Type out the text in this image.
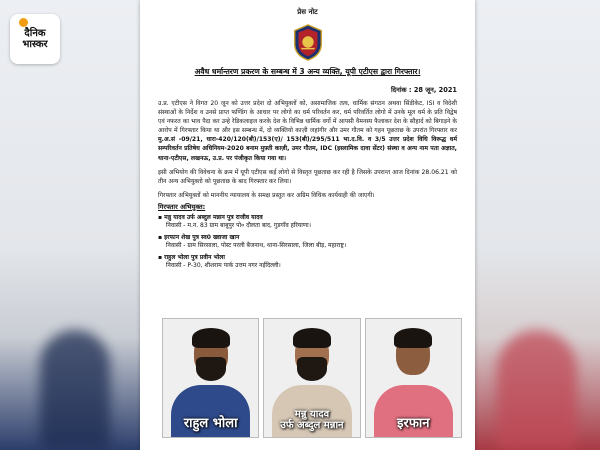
दैनिक
भास्कर
प्रेस नोट
अवैध धर्मान्तरण प्रकरण के सम्बन्ध में 3 अन्य व्यक्ति, यूपी एटीएस द्वारा गिरफ्तार।
दिनांक : 28 जून, 2021
उ.प्र. एटीएस ने विगत 20 जून को उत्तर प्रदेश दो अभियुक्तों को, असामाजिक तत्व, धार्मिक संगठन अथवा सिंडीकेट, ISI व विदेशी संस्थाओं के निर्देश व उनसे प्राप्त फण्डिंग के आधार पर लोगो का धर्म परिवर्तन कर, धर्म परिवर्तित लोगो में उनके मूल धर्म के प्रति विद्वेष एवं नफरत का भाव पैदा कर उन्हे रेडिकलाइज करके देश के विभिन्न धार्मिक वर्गो में आपसी वैमनस्य फैलाकर देश के सौहार्द को बिगाड़ने के आरोप में गिरफ्तार किया था और इस सम्बन्ध में, दो व्यक्तियो काज़ी जहांगीर और उमर गौतम को गहन पूछताछ के उपरांत गिरफ्तार कर मु.अ.सं -09/21, धारा-420/120(बी)/153(ए)/ 153(बी)/295/511 भा.द.वि. व 3/5 उत्तर प्रदेश विधि विरूद्ध धर्म सम्परिवर्तन प्रतिषेध अधिनियम-2020 बनाम मुफ़्ती काज़ी, उमर गौतम, IDC (इस्लामिक दावा सेंटर) संस्था व अन्य नाम पता अज्ञात, थाना-एटीएस, लखनऊ, उ.प्र. पर पंजीकृत किया गया था।
इसी अभियोग की विवेचना के क्रम में यूपी एटीएस कई लोगो से विस्तृत पूछताछ कर रही है जिसके उपरान्त आज दिनांक 28.06.21 को तीन अन्य अभियुक्तो को पूछताछ के बाद गिरफ्तार कर लिया।
गिरफ्तार अभियुक्तों को माननीय न्यायालय के समक्ष प्रस्तुत कर अग्रिम विधिक कार्यवाही की जाएगी।
गिरफ्तार अभियुक्त:
▪ मन्नु यादव उर्फ अब्दुल मन्नान पुत्र राजीव यादव
निवासी - म.न. 83 ग्राम बाबूपुर पो० दौलता बाद, गुडगाँव हरियाणा।
▪ इरफान शेख पुत्र स्व0 ख्वाजा खान
निवासी - ग्राम सिरसाला, पोस्ट परली बैजनाथ, थाना-सिरसाला, जिला बीड़, महाराष्ट्र।
▪ राहुल भोला पुत्र प्रवीन भोला
निवासी - P-30, शीशराम पार्क उत्तम नगर नईदिल्ली।
राहुल भोला
मन्नु यादव
उर्फ अब्दुल मन्नान	इरफान
